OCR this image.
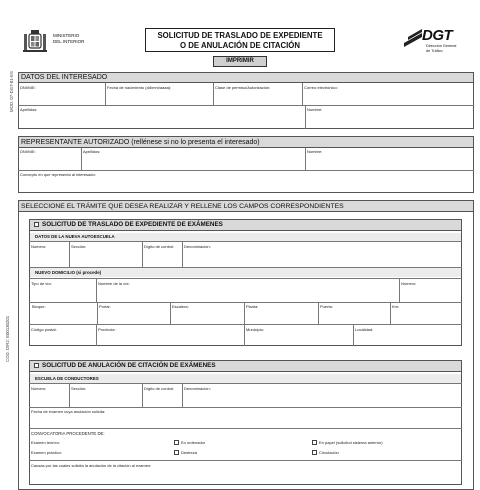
MINISTERIO
DEL INTERIOR
SOLICITUD DE TRASLADO DE EXPEDIENTE
O DE ANULACIÓN DE CITACIÓN
IMPRIMIR
DGT
Dirección General
de Tráfico
MOD. 07-DGT-01-ES
COD. DIR2: E00130201
DATOS DEL INTERESADO
DNI/NIE:	Fecha de nacimiento (dd/mm/aaaa):	Clase de permiso/Autorización:	Correo electrónico:
Apellidos:	Nombre:
REPRESENTANTE AUTORIZADO (rellénese si no lo presenta el interesado)
DNI/NIE:	Apellidos:	Nombre:
Concepto en que representa al interesado:
SELECCIONE EL TRÁMITE QUE DESEA REALIZAR Y RELLENE LOS CAMPOS CORRESPONDIENTES
SOLICITUD DE TRASLADO DE EXPEDIENTE DE EXÁMENES
DATOS DE LA NUEVA AUTOESCUELA
Número:	Sección:	Dígito de control: Denominación:
NUEVO DOMICILIO (si procede)
Tipo de vía:	Nombre de la vía:	Número:
Bloque:	Portal:	Escalera:	Planta:	Puerta:	Km:
Código postal:	Provincia:	Municipio:	Localidad:
SOLICITUD DE ANULACIÓN DE CITACIÓN DE EXÁMENES
ESCUELA DE CONDUCTORES
Número:	Sección:	Dígito de control: Denominación:
Fecha de examen cuya anulación solicita:
CONVOCATORIA PROCEDENTE DE:
Examen teórico:	En ordenador	En papel (solicitud sistema anterior)
Examen práctico:	Destreza	Circulación
Causas por las cuales solicita la anulación de la citación al examen:
